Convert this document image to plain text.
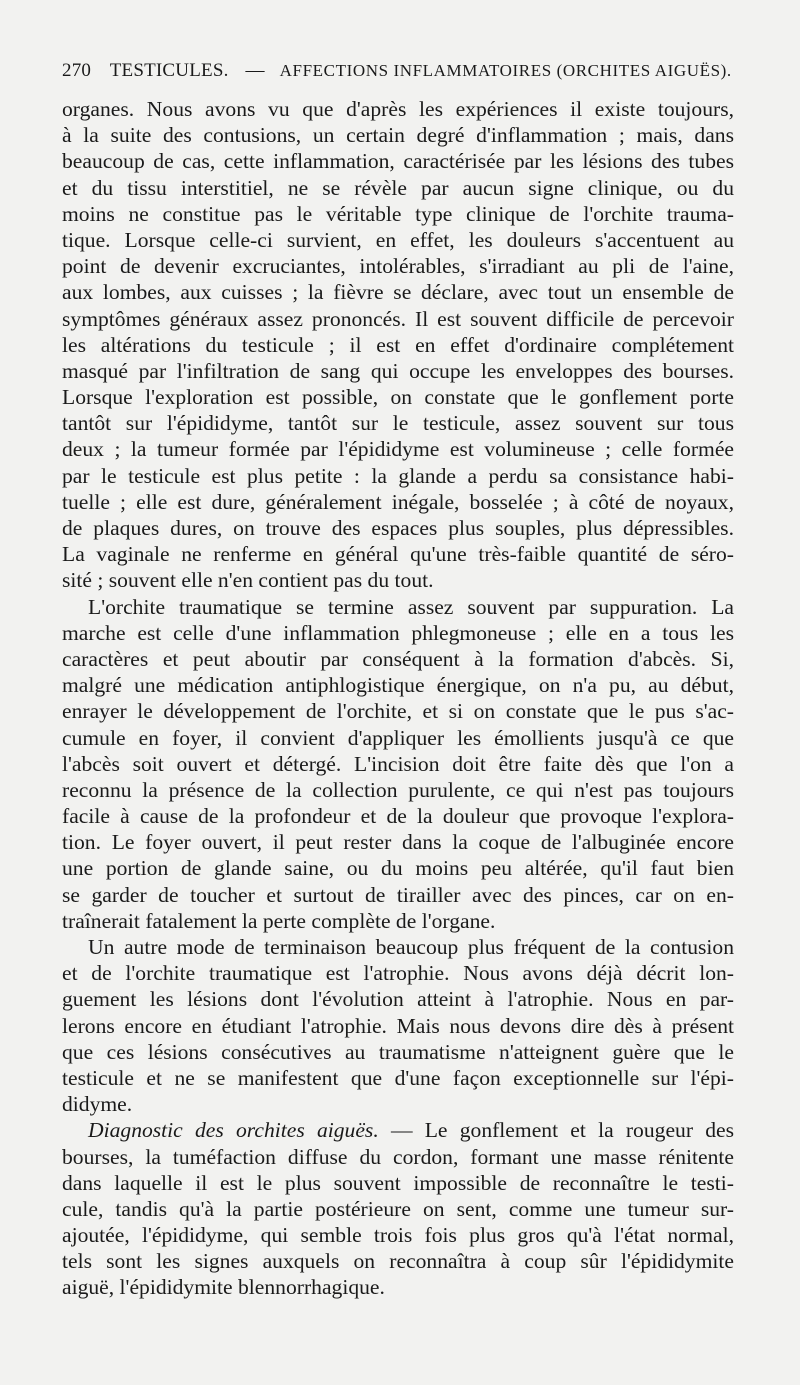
270 TESTICULES. — AFFECTIONS INFLAMMATOIRES (ORCHITES AIGUËS).
organes. Nous avons vu que d'après les expériences il existe toujours,
à la suite des contusions, un certain degré d'inflammation ; mais, dans
beaucoup de cas, cette inflammation, caractérisée par les lésions des tubes
et du tissu interstitiel, ne se révèle par aucun signe clinique, ou du
moins ne constitue pas le véritable type clinique de l'orchite trauma-
tique. Lorsque celle-ci survient, en effet, les douleurs s'accentuent au
point de devenir excruciantes, intolérables, s'irradiant au pli de l'aine,
aux lombes, aux cuisses ; la fièvre se déclare, avec tout un ensemble de
symptômes généraux assez prononcés. Il est souvent difficile de percevoir
les altérations du testicule ; il est en effet d'ordinaire complétement
masqué par l'infiltration de sang qui occupe les enveloppes des bourses.
Lorsque l'exploration est possible, on constate que le gonflement porte
tantôt sur l'épididyme, tantôt sur le testicule, assez souvent sur tous
deux ; la tumeur formée par l'épididyme est volumineuse ; celle formée
par le testicule est plus petite : la glande a perdu sa consistance habi-
tuelle ; elle est dure, généralement inégale, bosselée ; à côté de noyaux,
de plaques dures, on trouve des espaces plus souples, plus dépressibles.
La vaginale ne renferme en général qu'une très-faible quantité de séro-
sité ; souvent elle n'en contient pas du tout.
L'orchite traumatique se termine assez souvent par suppuration. La
marche est celle d'une inflammation phlegmoneuse ; elle en a tous les
caractères et peut aboutir par conséquent à la formation d'abcès. Si,
malgré une médication antiphlogistique énergique, on n'a pu, au début,
enrayer le développement de l'orchite, et si on constate que le pus s'ac-
cumule en foyer, il convient d'appliquer les émollients jusqu'à ce que
l'abcès soit ouvert et détergé. L'incision doit être faite dès que l'on a
reconnu la présence de la collection purulente, ce qui n'est pas toujours
facile à cause de la profondeur et de la douleur que provoque l'explora-
tion. Le foyer ouvert, il peut rester dans la coque de l'albuginée encore
une portion de glande saine, ou du moins peu altérée, qu'il faut bien
se garder de toucher et surtout de tirailler avec des pinces, car on en-
traînerait fatalement la perte complète de l'organe.
Un autre mode de terminaison beaucoup plus fréquent de la contusion
et de l'orchite traumatique est l'atrophie. Nous avons déjà décrit lon-
guement les lésions dont l'évolution atteint à l'atrophie. Nous en par-
lerons encore en étudiant l'atrophie. Mais nous devons dire dès à présent
que ces lésions consécutives au traumatisme n'atteignent guère que le
testicule et ne se manifestent que d'une façon exceptionnelle sur l'épi-
didyme.
Diagnostic des orchites aiguës. — Le gonflement et la rougeur des
bourses, la tuméfaction diffuse du cordon, formant une masse rénitente
dans laquelle il est le plus souvent impossible de reconnaître le testi-
cule, tandis qu'à la partie postérieure on sent, comme une tumeur sur-
ajoutée, l'épididyme, qui semble trois fois plus gros qu'à l'état normal,
tels sont les signes auxquels on reconnaîtra à coup sûr l'épididymite
aiguë, l'épididymite blennorrhagique.
